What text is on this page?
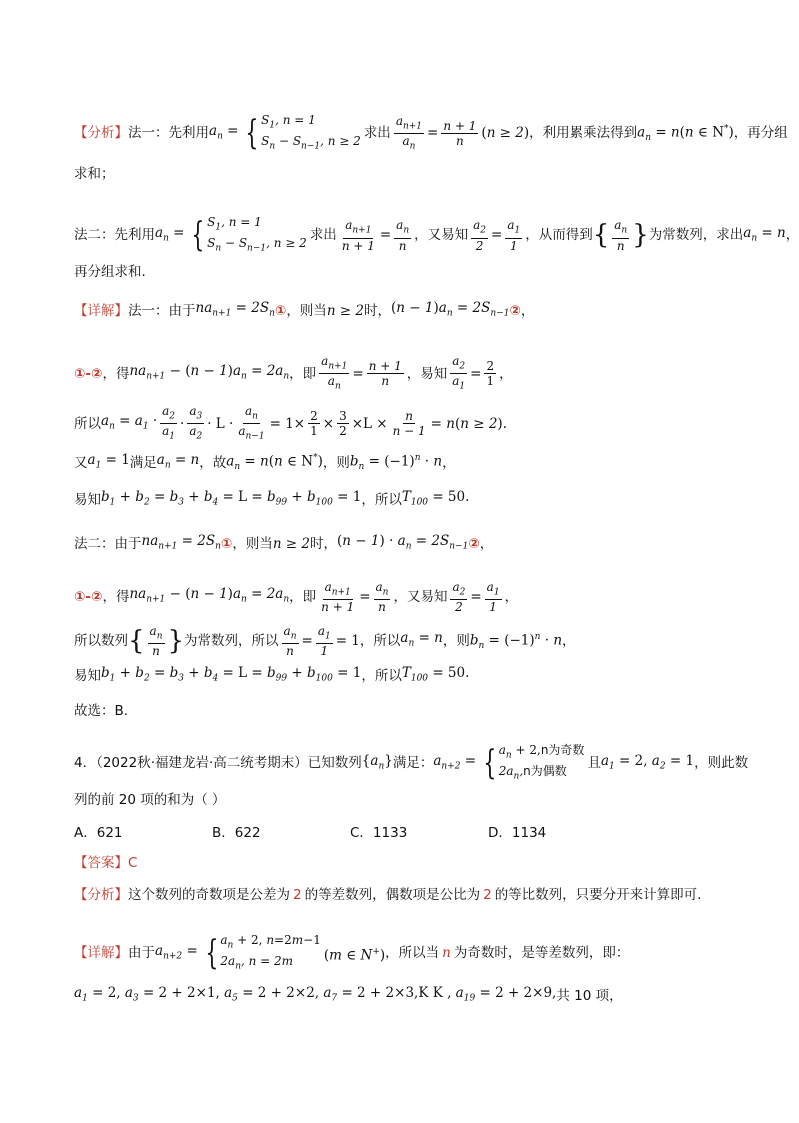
【分析】 法一：先利用 $a_n$ = { $S_1$, n = 1
$S_n - S_{n-1}$, n ≥ 2 求出 $\frac{a_{n+1}}{a_n} = \frac{n + 1}{n} (n \ge 2)$ ，利用累乘法得到 $a_n = n(n$ ∈ N*) ，再分组
求和；
法二：先利用 $a_n$ = { $S_1$, n = 1
$S_n - S_{n-1}$, n ≥ 2 求出 $\frac{a_{n+1}}{n + 1} = \frac{a_n}{n}$ ，又易知 $\frac{a_2}{2} = \frac{a_1}{1}$ ，从而得到 { $\frac{a_n}{n}$ } 为常数列，求出 $a_n = n$ ，
再分组求和.
【详解】 法一：由于 $na_{n+1} = 2S_n$ ① ，则当 n ≥ 2 时， $(n - 1)a_n = 2S_{n-1}$ ② ，
①-② ，得 $na_{n+1} - (n - 1)a_n = 2a_n$ ，即 $\frac{a_{n+1}}{a_n} = \frac{n + 1}{n}$ ，易知 $\frac{a_2}{a_1} = \frac{2}{1}$ ，
所以 $a_n = a_1 \cdot \frac{a_2}{a_1} \cdot \frac{a_3}{a_2} \cdot L \cdot \frac{a_n}{a_{n-1}} = 1\times \frac{2}{1} \times \frac{3}{2} \times L \times \frac{n}{n - 1} = n(n \ge 2)$.
又 $a_1 = 1$ 满足 $a_n = n$ ，故 $a_n = n(n$ ∈ N*) ，则 $b_n = (-1)^n \cdot n$ ，
易知 $b_1 + b_2 = b_3 + b_4 = L = b_{99} + b_{100} = 1$ ，所以 $T_{100} = 50$.
法二：由于 $na_{n+1} = 2S_n$ ① ，则当 n ≥ 2 时， $(n - 1) \cdot a_n = 2S_{n-1}$ ② ，
①-② ，得 $na_{n+1} - (n - 1)a_n = 2a_n$ ，即 $\frac{a_{n+1}}{n + 1} = \frac{a_n}{n}$ ，又易知 $\frac{a_2}{2} = \frac{a_1}{1}$ ，
所以数列 { $\frac{a_n}{n}$ } 为常数列，所以 $\frac{a_n}{n} = \frac{a_1}{1} = 1$ ，所以 $a_n = n$ ，则 $b_n = (-1)^n \cdot n$ ，
易知 $b_1 + b_2 = b_3 + b_4 = L = b_{99} + b_{100} = 1$ ，所以 $T_{100} = 50$.
故选：B.
4．（2022秋·福建龙岩·高二统考期末）已知数列 $\{a_n\}$ 满足： $a_{n+2}$ = { $a_n + 2,n$为奇数
$2a_n,n$为偶数	且 $a_1 = 2$, $a_2 = 1$ ，则此数
列的前 20 项的和为（ ）
A．621	B．622	C．1133	D．1134
【答案】 C
【分析】 这个数列的奇数项是公差为 2 的等差数列，偶数项是公比为 2 的等比数列，只要分开来计算即可.
【详解】 由于 $a_{n+2}$ = { $a_n + 2$, n=2m−1
$2a_n$, n = 2m	(m ∈ N+) ，所以当 n 为奇数时，是等差数列，即：
$a_1 = 2$, $a_3 = 2 + 2\times 1$, $a_5 = 2 + 2\times 2$, $a_7 = 2 + 2\times 3,K$ K , $a_{19} = 2 + 2\times 9$, 共 10 项，
